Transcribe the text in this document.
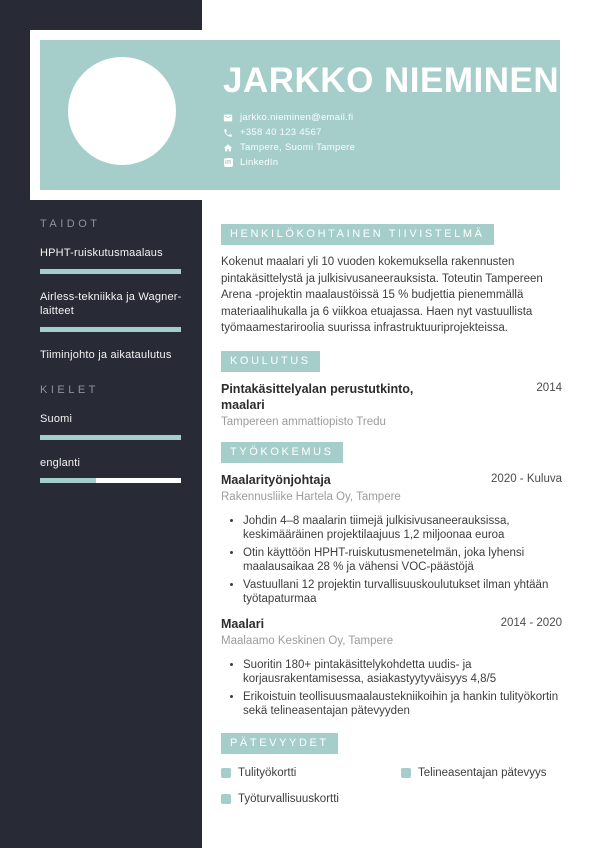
TAIDOT
HPHT-ruiskutusmaalaus
Airless-tekniikka ja Wagner-laitteet
Tiiminjohto ja aikataulutus
KIELET
Suomi
englanti
JARKKO NIEMINEN
jarkko.nieminen@email.fi
+358 40 123 4567
Tampere, Suomi Tampere
in LinkedIn
HENKILÖKOHTAINEN TIIVISTELMÄ

Kokenut maalari yli 10 vuoden kokemuksella rakennusten pintakäsittelystä ja julkisivusaneerauksista. Toteutin Tampereen Arena -projektin maalaustöissä 15 % budjettia pienemmällä materiaalihukalla ja 6 viikkoa etuajassa. Haen nyt vastuullista työmaamestariroolia suurissa infrastruktuuriprojekteissa.

KOULUTUS
Pintakäsittelyalan perustutkinto, maalari
2014
Tampereen ammattiopisto Tredu
TYÖKOKEMUS
Maalarityönjohtaja	2020 - Kuluva
Rakennusliike Hartela Oy, Tampere
• Johdin 4–8 maalarin tiimejä julkisivusaneerauksissa, keskimääräinen projektilaajuus 1,2 miljoonaa euroa
• Otin käyttöön HPHT-ruiskutusmenetelmän, joka lyhensi maalausaikaa 28 % ja vähensi VOC-päästöjä
• Vastuullani 12 projektin turvallisuuskoulutukset ilman yhtään työtapaturmaa
Maalari	2014 - 2020
Maalaamo Keskinen Oy, Tampere
• Suoritin 180+ pintakäsittelykohdetta uudis- ja korjausrakentamisessa, asiakastyytyväisyys 4,8/5
• Erikoistuin teollisuusmaalaustekniikoihin ja hankin tulityökortin sekä telineasentajan pätevyyden
PÄTEVYYDET
Tulityökortti	Telineasentajan pätevyys
Työturvallisuuskortti
